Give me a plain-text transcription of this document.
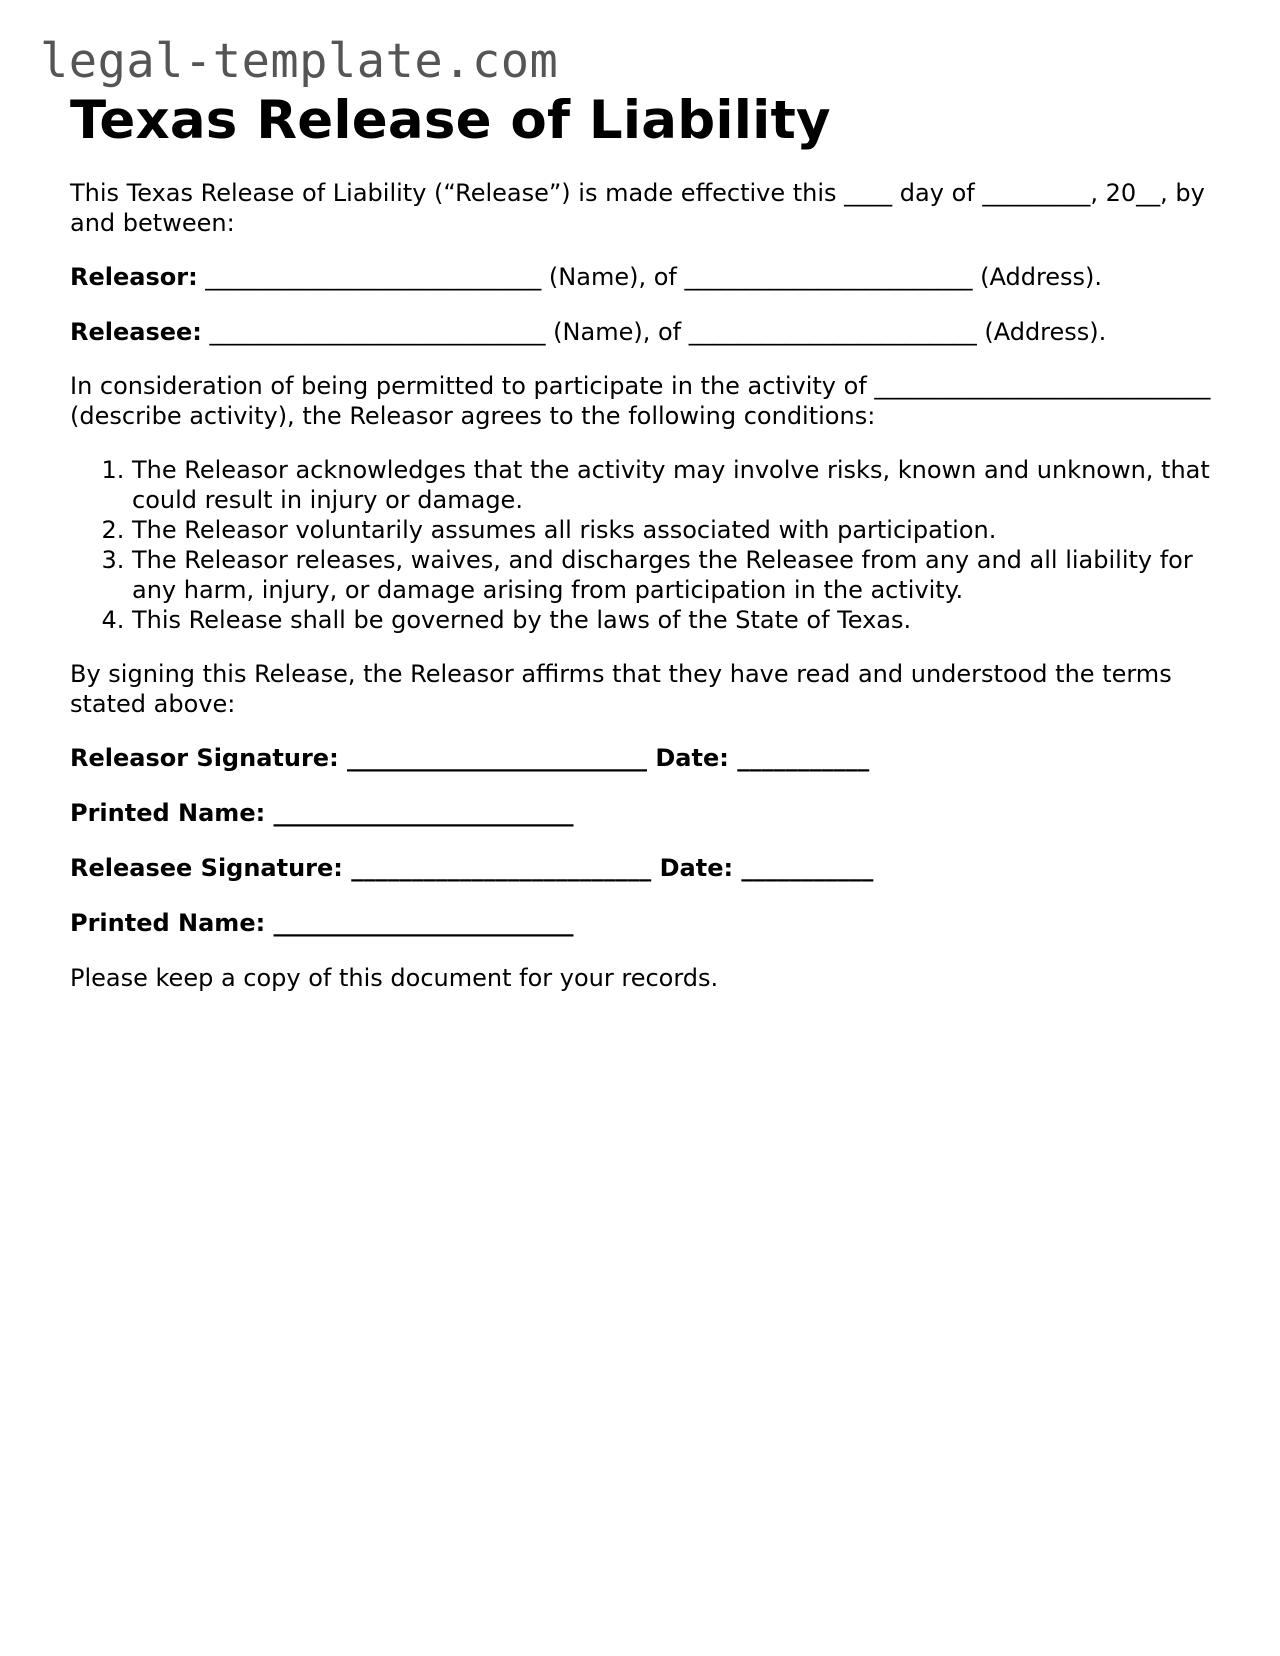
legal-template.com
Texas Release of Liability

This Texas Release of Liability (“Release”) is made effective this ____ day of _________, 20__, by and between:

Releasor: ____________________________ (Name), of ________________________ (Address).

Releasee: ____________________________ (Name), of ________________________ (Address).

In consideration of being permitted to participate in the activity of ____________________________ (describe activity), the Releasor agrees to the following conditions:

1. The Releasor acknowledges that the activity may involve risks, known and unknown, that could result in injury or damage.
2. The Releasor voluntarily assumes all risks associated with participation.
3. The Releasor releases, waives, and discharges the Releasee from any and all liability for any harm, injury, or damage arising from participation in the activity.
4. This Release shall be governed by the laws of the State of Texas.

By signing this Release, the Releasor affirms that they have read and understood the terms stated above:

Releasor Signature: _________________________ Date: ___________

Printed Name: _________________________

Releasee Signature: _________________________ Date: ___________

Printed Name: _________________________

Please keep a copy of this document for your records.
